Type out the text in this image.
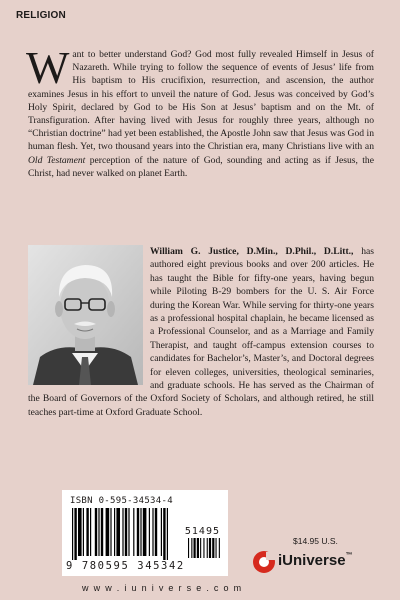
RELIGION
Want to better understand God? God most fully revealed Himself in Jesus of Nazareth. While trying to follow the sequence of events of Jesus’ life from His baptism to His crucifixion, resurrection, and ascension, the author examines Jesus in his effort to unveil the nature of God. Jesus was conceived by God’s Holy Spirit, declared by God to be His Son at Jesus’ baptism and on the Mt. of Transfiguration. After having lived with Jesus for roughly three years, although no “Christian doctrine” had yet been established, the Apostle John saw that Jesus was God in human flesh. Yet, two thousand years into the Christian era, many Christians live with an Old Testament perception of the nature of God, sounding and acting as if Jesus, the Christ, had never walked on planet Earth.
William G. Justice, D.Min., D.Phil., D.Litt., has authored eight previous books and over 200 articles. He has taught the Bible for fifty-one years, having begun while Piloting B-29 bombers for the U. S. Air Force during the Korean War. While serving for thirty-one years as a professional hospital chaplain, he became licensed as a Professional Counselor, and as a Marriage and Family Therapist, and taught off-campus extension courses to candidates for Bachelor’s, Master’s, and Doctoral degrees for eleven colleges, universities, theological seminaries, and graduate schools. He has served as the Chairman of the Board of Governors of the Oxford Society of Scholars, and although retired, he still teaches part-time at Oxford Graduate School.
ISBN 0-595-34534-4
51495
9 780595 345342
$14.95 U.S.
iUniverse™
w w w . i u n i v e r s e . c o m
